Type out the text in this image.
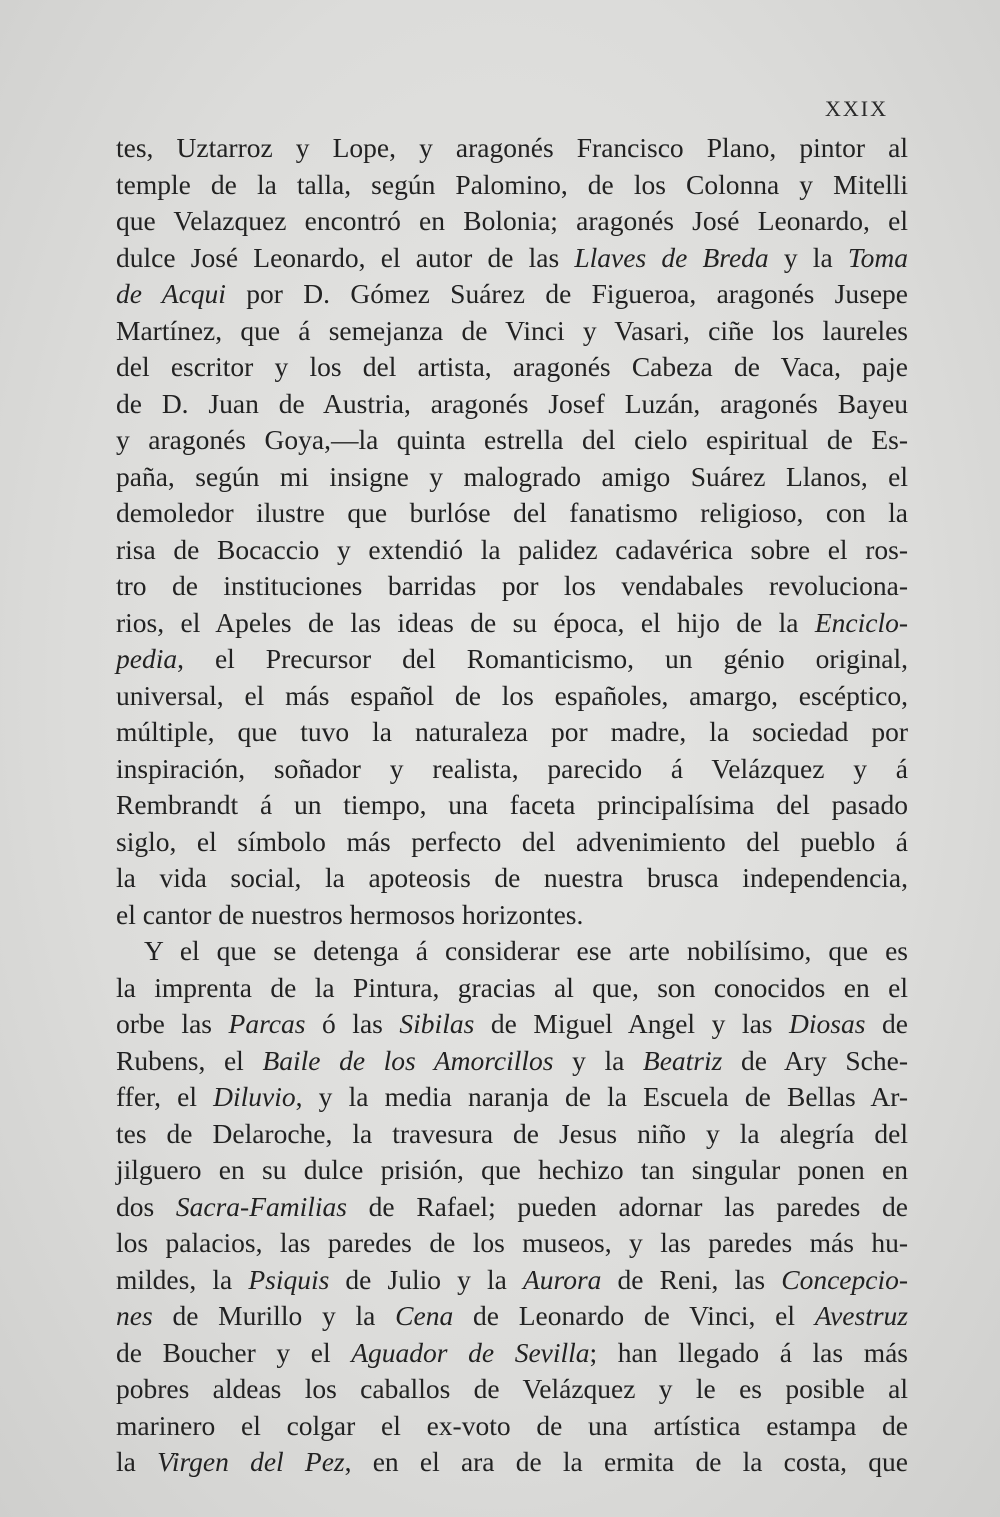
XXIX
tes, Uztarroz y Lope, y aragonés Francisco Plano, pintor al
temple de la talla, según Palomino, de los Colonna y Mitelli
que Velazquez encontró en Bolonia; aragonés José Leonardo, el
dulce José Leonardo, el autor de las Llaves de Breda y la Toma
de Acqui por D. Gómez Suárez de Figueroa, aragonés Jusepe
Martínez, que á semejanza de Vinci y Vasari, ciñe los laureles
del escritor y los del artista, aragonés Cabeza de Vaca, paje
de D. Juan de Austria, aragonés Josef Luzán, aragonés Bayeu
y aragonés Goya,—la quinta estrella del cielo espiritual de Es-
paña, según mi insigne y malogrado amigo Suárez Llanos, el
demoledor ilustre que burlóse del fanatismo religioso, con la
risa de Bocaccio y extendió la palidez cadavérica sobre el ros-
tro de instituciones barridas por los vendabales revoluciona-
rios, el Apeles de las ideas de su época, el hijo de la Enciclo-
pedia, el Precursor del Romanticismo, un génio original,
universal, el más español de los españoles, amargo, escéptico,
múltiple, que tuvo la naturaleza por madre, la sociedad por
inspiración, soñador y realista, parecido á Velázquez y á
Rembrandt á un tiempo, una faceta principalísima del pasado
siglo, el símbolo más perfecto del advenimiento del pueblo á
la vida social, la apoteosis de nuestra brusca independencia,
el cantor de nuestros hermosos horizontes.
Y el que se detenga á considerar ese arte nobilísimo, que es
la imprenta de la Pintura, gracias al que, son conocidos en el
orbe las Parcas ó las Sibilas de Miguel Angel y las Diosas de
Rubens, el Baile de los Amorcillos y la Beatriz de Ary Sche-
ffer, el Diluvio, y la media naranja de la Escuela de Bellas Ar-
tes de Delaroche, la travesura de Jesus niño y la alegría del
jilguero en su dulce prisión, que hechizo tan singular ponen en
dos Sacra-Familias de Rafael; pueden adornar las paredes de
los palacios, las paredes de los museos, y las paredes más hu-
mildes, la Psiquis de Julio y la Aurora de Reni, las Concepcio-
nes de Murillo y la Cena de Leonardo de Vinci, el Avestruz
de Boucher y el Aguador de Sevilla; han llegado á las más
pobres aldeas los caballos de Velázquez y le es posible al
marinero el colgar el ex-voto de una artística estampa de
la Virgen del Pez, en el ara de la ermita de la costa, que
